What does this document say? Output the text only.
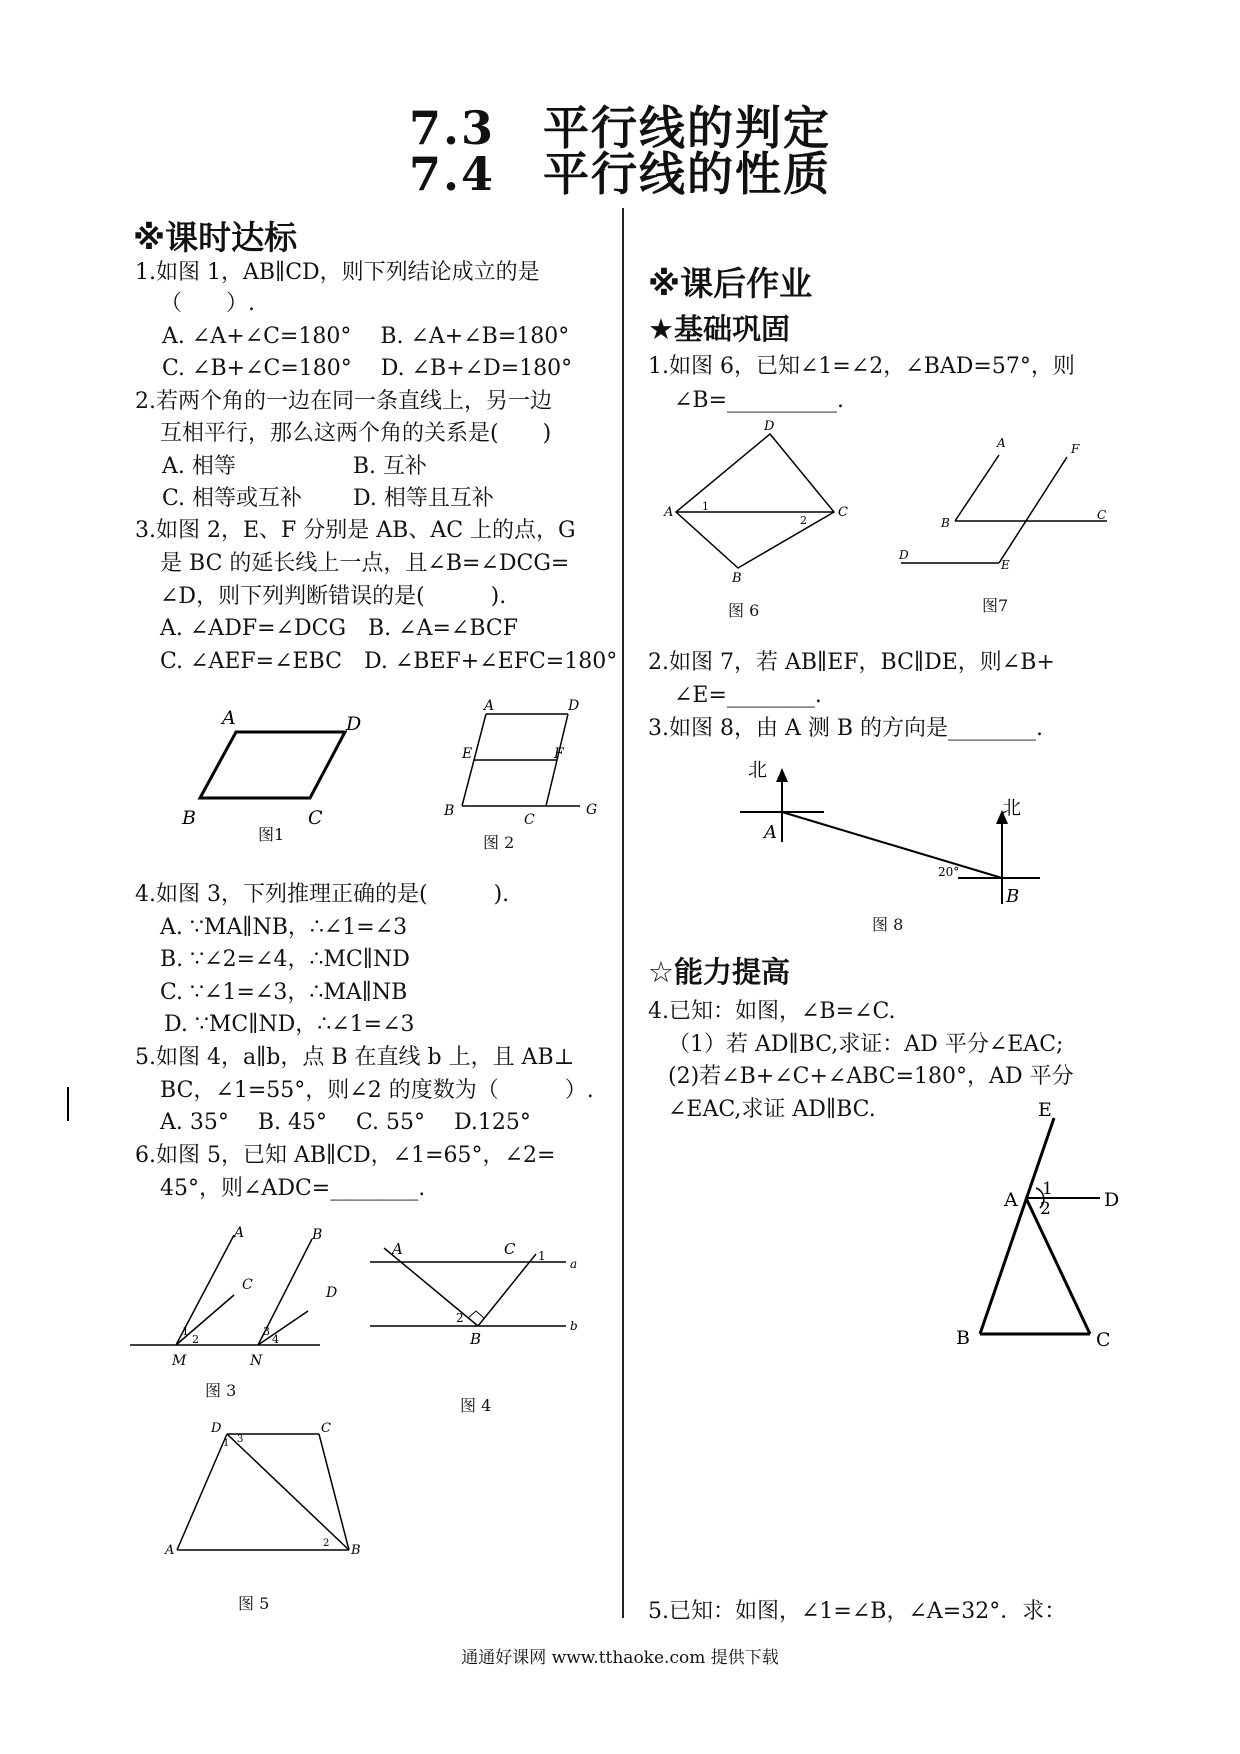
7.3　平行线的判定
7.4　平行线的性质
※课时达标
1.如图 1，AB∥CD，则下列结论成立的是
（　　）.
A. ∠A+∠C=180°　 B. ∠A+∠B=180°
C. ∠B+∠C=180°　 D. ∠B+∠D=180°
2.若两个角的一边在同一条直线上，另一边
互相平行，那么这两个角的关系是(　　)
A. 相等　　　　　 B. 互补
C. 相等或互补　　 D. 相等且互补
3.如图 2，E、F 分别是 AB、AC 上的点，G
是 BC 的延长线上一点，且∠B=∠DCG=
∠D，则下列判断错误的是(　　　).
A. ∠ADF=∠DCG　B. ∠A=∠BCF
C. ∠AEF=∠EBC　D. ∠BEF+∠EFC=180°
A	D
B	C
图1
A	D
E	F
B
C
G
图 2
4.如图 3，下列推理正确的是(　　　).
A. ∵MA∥NB，∴∠1=∠3
B. ∵∠2=∠4，∴MC∥ND
C. ∵∠1=∠3，∴MA∥NB
D. ∵MC∥ND，∴∠1=∠3
5.如图 4，a∥b，点 B 在直线 b 上，且 AB⊥
BC，∠1=55°，则∠2 的度数为（　　　）.
A. 35°　 B. 45°　 C. 55°　 D.125°
6.如图 5，已知 AB∥CD，∠1=65°，∠2=
45°，则∠ADC=________.
A
C
B
D
M	N
1
2
3
4
图 3
A	C
B
a
b
1
2
图 4
D	C
A	B
1 3
2
图 5
※课后作业
★基础巩固
1.如图 6，已知∠1=∠2，∠BAD=57°，则
∠B=__________.
D
C
A
B
1
2
图 6
A	F
B
C
D
E
图7
2.如图 7，若 AB∥EF，BC∥DE，则∠B+
∠E=________.
3.如图 8，由 A 测 B 的方向是________.
北
北
A
B
20°
图 8
☆能力提高
4.已知：如图，∠B=∠C.
（1）若 AD∥BC,求证：AD 平分∠EAC;
(2)若∠B+∠C+∠ABC=180°，AD 平分
∠EAC,求证 AD∥BC.	E
A	D
B	C
1
2
5.已知：如图，∠1=∠B，∠A=32°．求：
通通好课网 www.tthaoke.com 提供下载
